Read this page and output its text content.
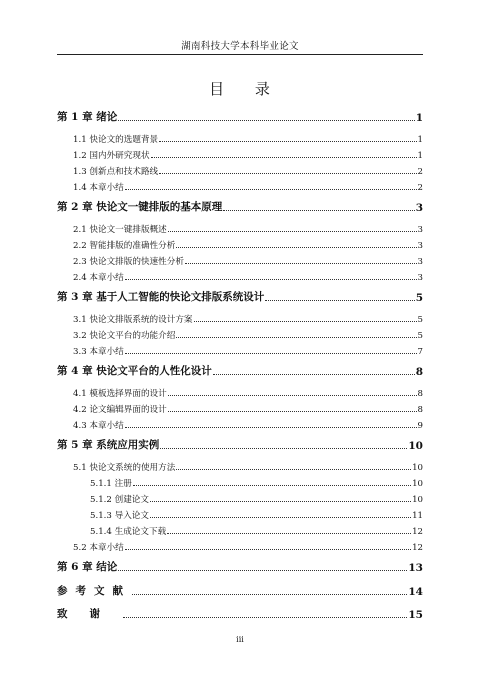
湖南科技大学本科毕业论文
目 录
第 1 章 绪论	1
1.1 快论文的选题背景	1
1.2 国内外研究现状	1
1.3 创新点和技术路线	2
1.4 本章小结	2
第 2 章 快论文一键排版的基本原理	3
2.1 快论文一键排版概述	3
2.2 智能排版的准确性分析	3
2.3 快论文排版的快速性分析	3
2.4 本章小结	3
第 3 章 基于人工智能的快论文排版系统设计	5
3.1 快论文排版系统的设计方案	5
3.2 快论文平台的功能介绍	5
3.3 本章小结	7
第 4 章 快论文平台的人性化设计	8
4.1 模板选择界面的设计	8
4.2 论文编辑界面的设计	8
4.3 本章小结	9
第 5 章 系统应用实例	10
5.1 快论文系统的使用方法	10
5.1.1 注册	10
5.1.2 创建论文	10
5.1.3 导入论文	11
5.1.4 生成论文下载	12
5.2 本章小结	12
第 6 章 结论	13
参考文献	14
致谢	15
iii
